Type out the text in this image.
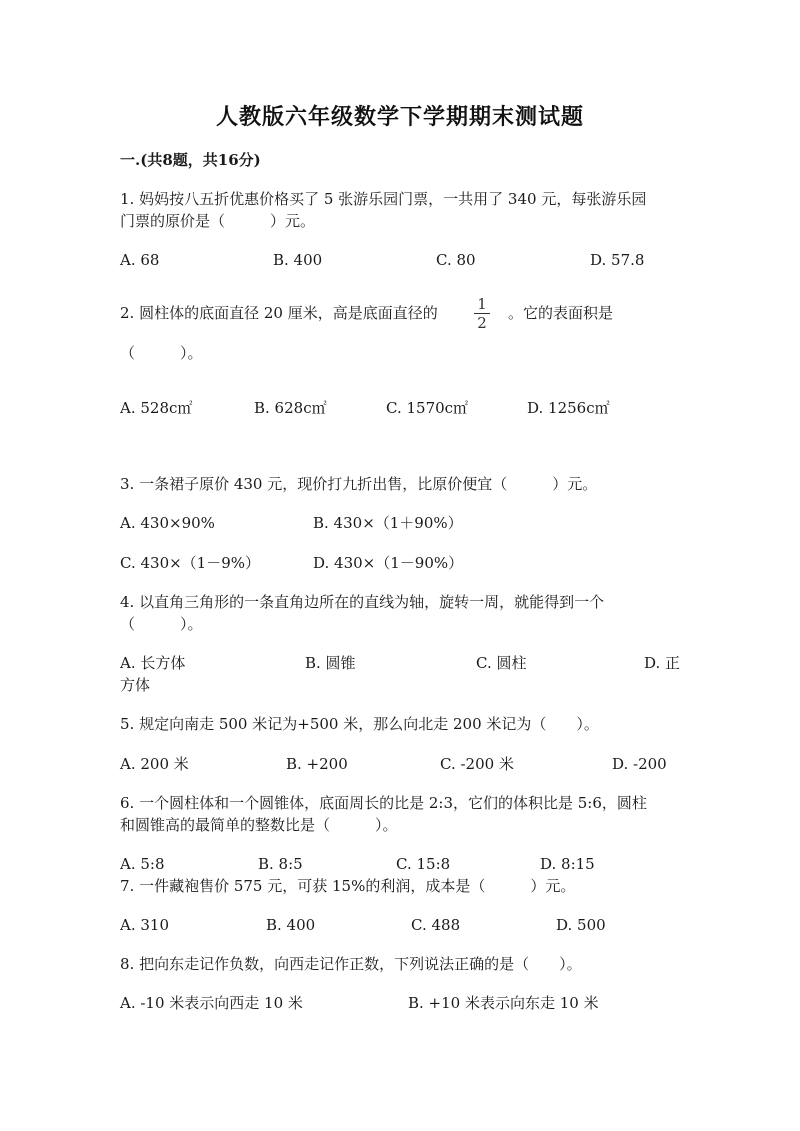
人教版六年级数学下学期期末测试题
一.(共8题，共16分)
1. 妈妈按八五折优惠价格买了 5 张游乐园门票，一共用了 340 元，每张游乐园
门票的原价是（　　　）元。
A. 68	B. 400	C. 80	D. 57.8
2. 圆柱体的底面直径 20 厘米，高是底面直径的	1
2
。它的表面积是
（　　　）。
A. 528c㎡	B. 628c㎡	C. 1570c㎡	D. 1256c㎡
3. 一条裙子原价 430 元，现价打九折出售，比原价便宜（　　　）元。
A. 430×90%	B. 430×（1＋90%）
C. 430×（1－9%）	D. 430×（1－90%）
4. 以直角三角形的一条直角边所在的直线为轴，旋转一周，就能得到一个
（　　　）。
A. 长方体	B. 圆锥	C. 圆柱	D. 正
方体
5. 规定向南走 500 米记为+500 米，那么向北走 200 米记为（　　）。
A. 200 米	B. +200	C. -200 米	D. -200
6. 一个圆柱体和一个圆锥体，底面周长的比是 2:3，它们的体积比是 5:6，圆柱
和圆锥高的最简单的整数比是（　　　）。
A. 5:8	B. 8:5	C. 15:8	D. 8:15
7. 一件藏袍售价 575 元，可获 15%的利润，成本是（　　　）元。
A. 310	B. 400	C. 488	D. 500
8. 把向东走记作负数，向西走记作正数，下列说法正确的是（　　）。
A. -10 米表示向西走 10 米	B. +10 米表示向东走 10 米
